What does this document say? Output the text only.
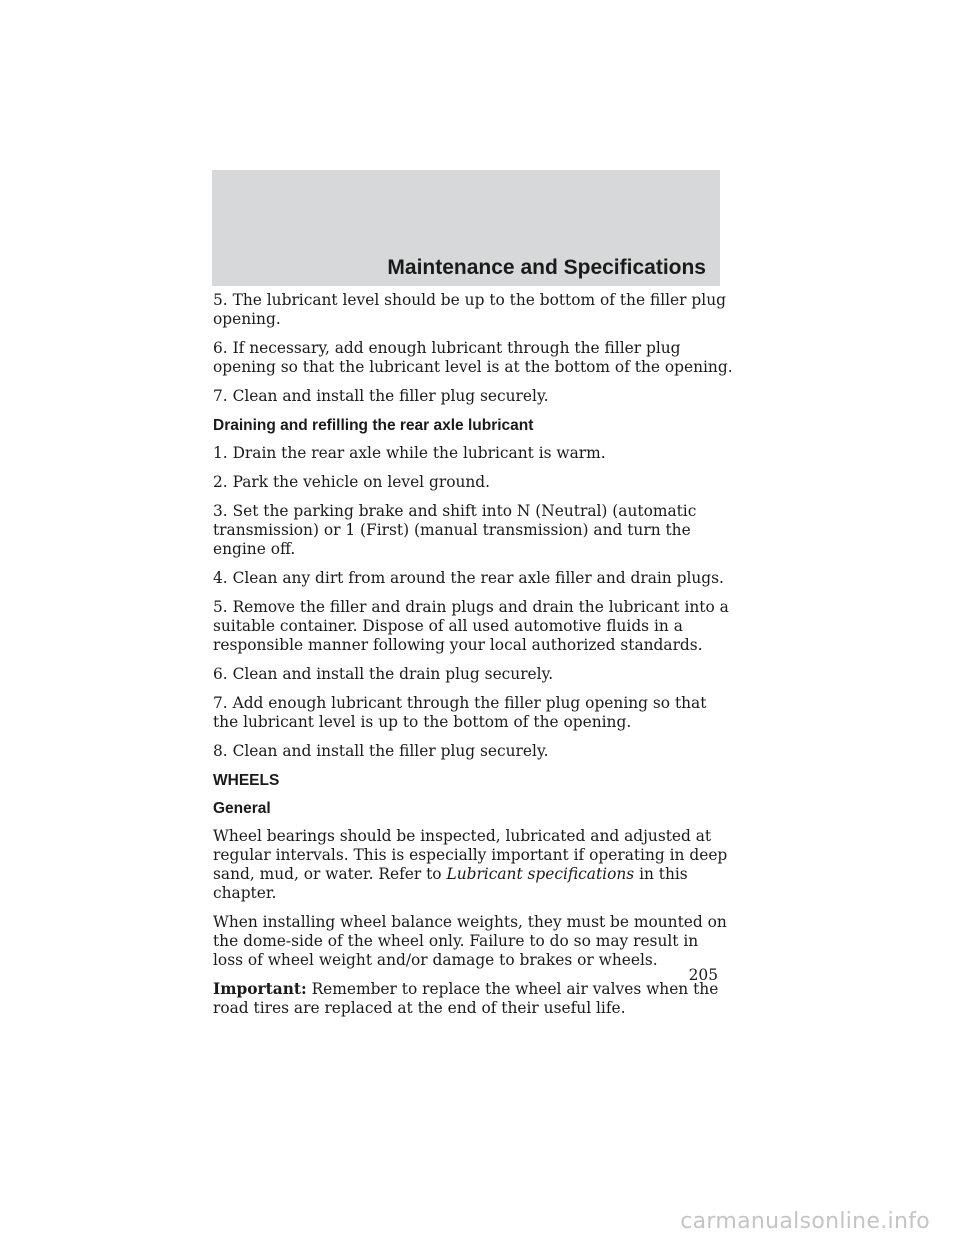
Maintenance and Specifications

5. The lubricant level should be up to the bottom of the filler plug opening.

6. If necessary, add enough lubricant through the filler plug opening so that the lubricant level is at the bottom of the opening.

7. Clean and install the filler plug securely.

Draining and refilling the rear axle lubricant

1. Drain the rear axle while the lubricant is warm.

2. Park the vehicle on level ground.

3. Set the parking brake and shift into N (Neutral) (automatic transmission) or 1 (First) (manual transmission) and turn the engine off.

4. Clean any dirt from around the rear axle filler and drain plugs.

5. Remove the filler and drain plugs and drain the lubricant into a suitable container. Dispose of all used automotive fluids in a responsible manner following your local authorized standards.

6. Clean and install the drain plug securely.

7. Add enough lubricant through the filler plug opening so that the lubricant level is up to the bottom of the opening.

8. Clean and install the filler plug securely.

WHEELS
General

Wheel bearings should be inspected, lubricated and adjusted at regular intervals. This is especially important if operating in deep sand, mud, or water. Refer to Lubricant specifications in this chapter.

When installing wheel balance weights, they must be mounted on the dome-side of the wheel only. Failure to do so may result in loss of wheel weight and/or damage to brakes or wheels.

Important: Remember to replace the wheel air valves when the road tires are replaced at the end of their useful life.

205
carmanualsonline.info
